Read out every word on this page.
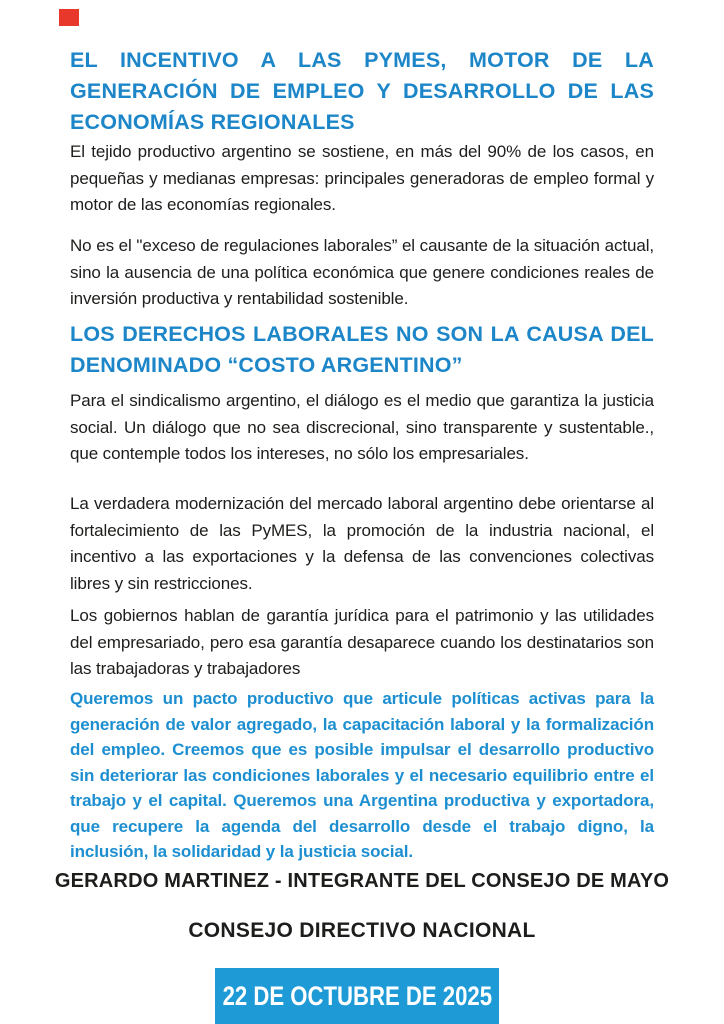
EL INCENTIVO A LAS PYMES, MOTOR DE LA GENERACIÓN DE EMPLEO Y DESARROLLO DE LAS ECONOMÍAS REGIONALES
El tejido productivo argentino se sostiene, en más del 90% de los casos, en pequeñas y medianas empresas: principales generadoras de empleo formal y motor de las economías regionales.
No es el "exceso de regulaciones laborales” el causante de la situación actual, sino la ausencia de una política económica que genere condiciones reales de inversión productiva y rentabilidad sostenible.
LOS DERECHOS LABORALES NO SON LA CAUSA DEL DENOMINADO “COSTO ARGENTINO”
Para el sindicalismo argentino, el diálogo es el medio que garantiza la justicia social. Un diálogo que no sea discrecional, sino transparente y sustentable., que contemple todos los intereses, no sólo los empresariales.
La verdadera modernización del mercado laboral argentino debe orientarse al fortalecimiento de las PyMES, la promoción de la industria nacional, el incentivo a las exportaciones y la defensa de las convenciones colectivas libres y sin restricciones.
Los gobiernos hablan de garantía jurídica para el patrimonio y las utilidades del empresariado, pero esa garantía desaparece cuando los destinatarios son las trabajadoras y trabajadores
Queremos un pacto productivo que articule políticas activas para la generación de valor agregado, la capacitación laboral y la formalización del empleo. Creemos que es posible impulsar el desarrollo productivo sin deteriorar las condiciones laborales y el necesario equilibrio entre el trabajo y el capital. Queremos una Argentina productiva y exportadora, que recupere la agenda del desarrollo desde el trabajo digno, la inclusión, la solidaridad y la justicia social.
GERARDO MARTINEZ - INTEGRANTE DEL CONSEJO DE MAYO
CONSEJO DIRECTIVO NACIONAL
22 DE OCTUBRE DE 2025
